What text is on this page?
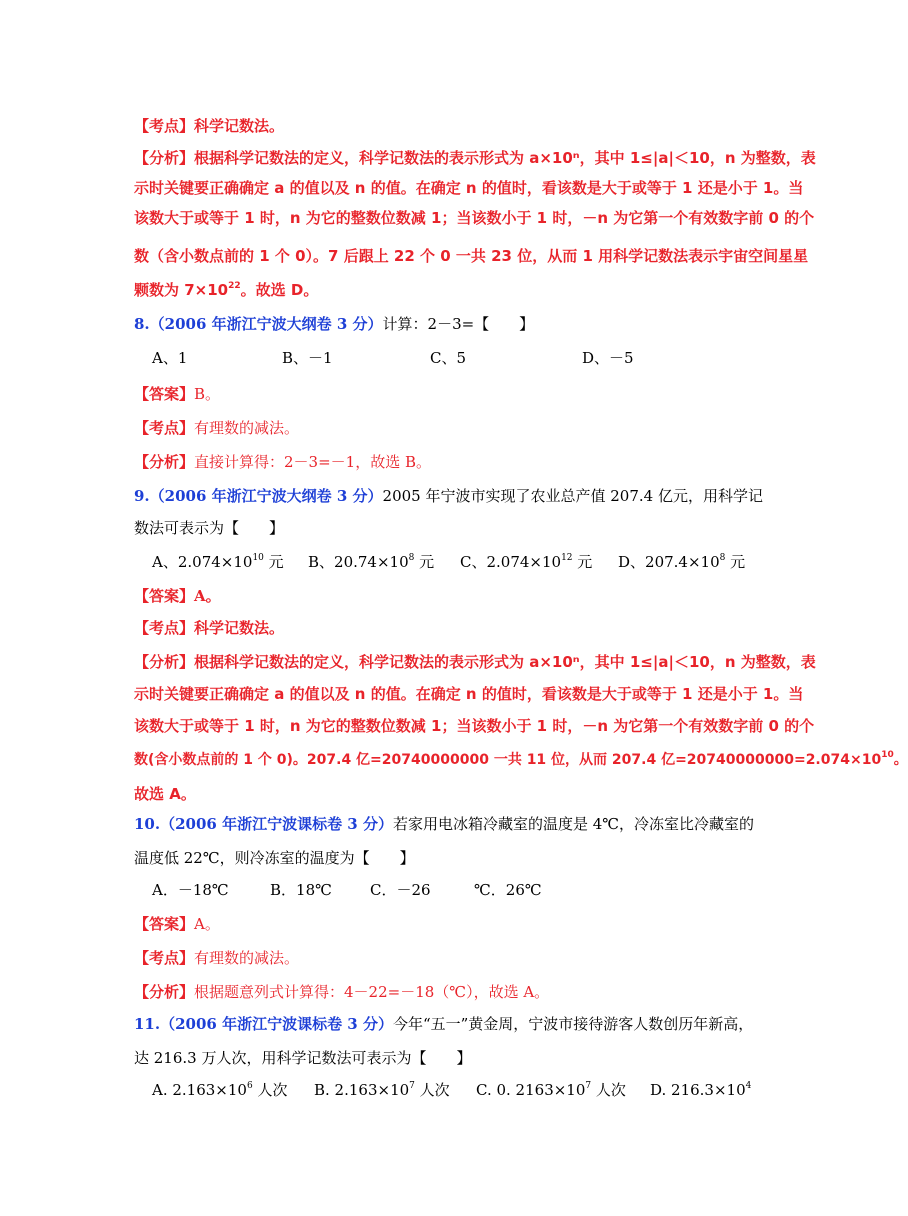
【考点】科学记数法。
【分析】根据科学记数法的定义，科学记数法的表示形式为 a×10ⁿ，其中 1≤|a|＜10，n 为整数，表
示时关键要正确确定 a 的值以及 n 的值。在确定 n 的值时，看该数是大于或等于 1 还是小于 1。当
该数大于或等于 1 时，n 为它的整数位数减 1；当该数小于 1 时，－n 为它第一个有效数字前 0 的个
数（含小数点前的 1 个 0）。7 后跟上 22 个 0 一共 23 位，从而 1 用科学记数法表示宇宙空间星星
颗数为 $7\times 10^{22}$。故选 D。
8.（2006 年浙江宁波大纲卷 3 分）计算：2－3=【　　】
A、1	B、－1	C、5	D、－5
【答案】B。
【考点】有理数的减法。
【分析】直接计算得：2－3=－1，故选 B。
9.（2006 年浙江宁波大纲卷 3 分）2005 年宁波市实现了农业总产值 207.4 亿元，用科学记
数法可表示为【　　】
A、$2.074\times 10^{10}$ 元 B、$20.74\times 10^8$ 元 C、$2.074\times 10^{12}$ 元 D、$207.4\times 10^8$ 元
【答案】A。
【考点】科学记数法。
【分析】根据科学记数法的定义，科学记数法的表示形式为 a×10ⁿ，其中 1≤|a|＜10，n 为整数，表
示时关键要正确确定 a 的值以及 n 的值。在确定 n 的值时，看该数是大于或等于 1 还是小于 1。当
该数大于或等于 1 时，n 为它的整数位数减 1；当该数小于 1 时，－n 为它第一个有效数字前 0 的个
数(含小数点前的 1 个 0)。207.4 亿=20740000000 一共 11 位，从而 207.4 亿$=20740000000=2.074\times 10^{10}$。
故选 A。
10.（2006 年浙江宁波课标卷 3 分）若家用电冰箱冷藏室的温度是 4℃，冷冻室比冷藏室的
温度低 22℃，则冷冻室的温度为【　　】
A．－18℃	B．18℃	C．－26	℃．26℃
【答案】A。
【考点】有理数的减法。
【分析】根据题意列式计算得：4－22=－18（℃），故选 A。
11.（2006 年浙江宁波课标卷 3 分）今年“五一”黄金周，宁波市接待游客人数创历年新高，
达 216.3 万人次，用科学记数法可表示为【　　】
A. $2.163\times 10^6$ 人次 B. $2.163\times 10^7$ 人次 C. 0. $2163\times 10^7$ 人次 D. $216.3\times 10^4$
